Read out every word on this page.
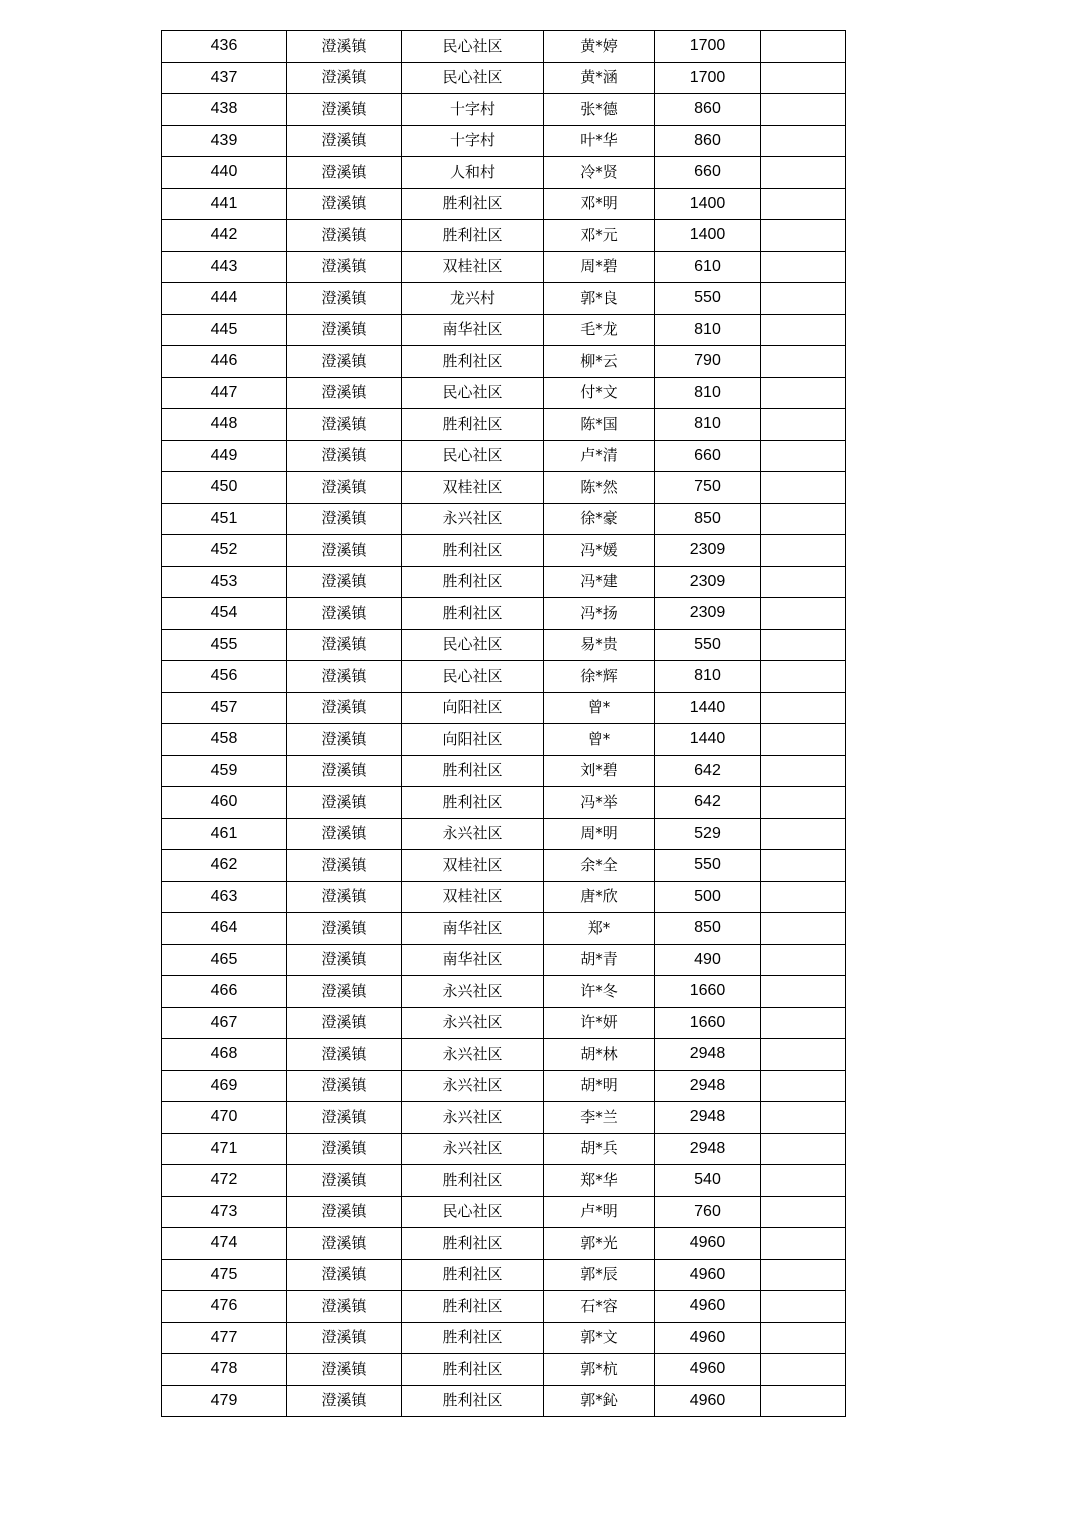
436	澄溪镇	民心社区	黄*婷	1700	
437	澄溪镇	民心社区	黄*涵	1700	
438	澄溪镇	十字村	张*德	860	
439	澄溪镇	十字村	叶*华	860	
440	澄溪镇	人和村	冷*贤	660	
441	澄溪镇	胜利社区	邓*明	1400	
442	澄溪镇	胜利社区	邓*元	1400	
443	澄溪镇	双桂社区	周*碧	610	
444	澄溪镇	龙兴村	郭*良	550	
445	澄溪镇	南华社区	毛*龙	810	
446	澄溪镇	胜利社区	柳*云	790	
447	澄溪镇	民心社区	付*文	810	
448	澄溪镇	胜利社区	陈*国	810	
449	澄溪镇	民心社区	卢*清	660	
450	澄溪镇	双桂社区	陈*然	750	
451	澄溪镇	永兴社区	徐*豪	850	
452	澄溪镇	胜利社区	冯*媛	2309	
453	澄溪镇	胜利社区	冯*建	2309	
454	澄溪镇	胜利社区	冯*扬	2309	
455	澄溪镇	民心社区	易*贵	550	
456	澄溪镇	民心社区	徐*辉	810	
457	澄溪镇	向阳社区	曾*	1440	
458	澄溪镇	向阳社区	曾*	1440	
459	澄溪镇	胜利社区	刘*碧	642	
460	澄溪镇	胜利社区	冯*举	642	
461	澄溪镇	永兴社区	周*明	529	
462	澄溪镇	双桂社区	余*全	550	
463	澄溪镇	双桂社区	唐*欣	500	
464	澄溪镇	南华社区	郑*	850	
465	澄溪镇	南华社区	胡*青	490	
466	澄溪镇	永兴社区	许*冬	1660	
467	澄溪镇	永兴社区	许*妍	1660	
468	澄溪镇	永兴社区	胡*林	2948	
469	澄溪镇	永兴社区	胡*明	2948	
470	澄溪镇	永兴社区	李*兰	2948	
471	澄溪镇	永兴社区	胡*兵	2948	
472	澄溪镇	胜利社区	郑*华	540	
473	澄溪镇	民心社区	卢*明	760	
474	澄溪镇	胜利社区	郭*光	4960	
475	澄溪镇	胜利社区	郭*辰	4960	
476	澄溪镇	胜利社区	石*容	4960	
477	澄溪镇	胜利社区	郭*文	4960	
478	澄溪镇	胜利社区	郭*杭	4960	
479	澄溪镇	胜利社区	郭*鈊	4960	
